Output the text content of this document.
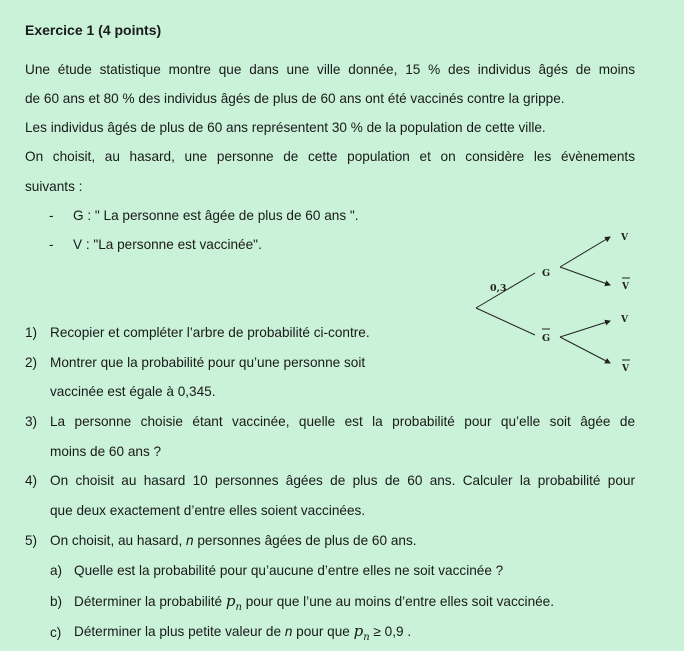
Exercice 1 (4 points)
Une étude statistique montre que dans une ville donnée, 15 % des individus âgés de moins
de 60 ans et 80 % des individus âgés de plus de 60 ans ont été vaccinés contre la grippe.
Les individus âgés de plus de 60 ans représentent 30 % de la population de cette ville.
On choisit, au hasard, une personne de cette population et on considère les évènements
suivants :
- G : " La personne est âgée de plus de 60 ans ".
- V : "La personne est vaccinée".
0,3
G
G
V
V
V
V
1) Recopier et compléter l’arbre de probabilité ci-contre.
2) Montrer que la probabilité pour qu’une personne soit
vaccinée est égale à 0,345.
3) La personne choisie étant vaccinée, quelle est la probabilité pour qu’elle soit âgée de
moins de 60 ans ?
4) On choisit au hasard 10 personnes âgées de plus de 60 ans. Calculer la probabilité pour
que deux exactement d’entre elles soient vaccinées.
5) On choisit, au hasard, n personnes âgées de plus de 60 ans.
a) Quelle est la probabilité pour qu’aucune d’entre elles ne soit vaccinée ?
b) Déterminer la probabilité $p_n$ pour que l’une au moins d’entre elles soit vaccinée.
c) Déterminer la plus petite valeur de n pour que $p_n \ge 0,9$ .
